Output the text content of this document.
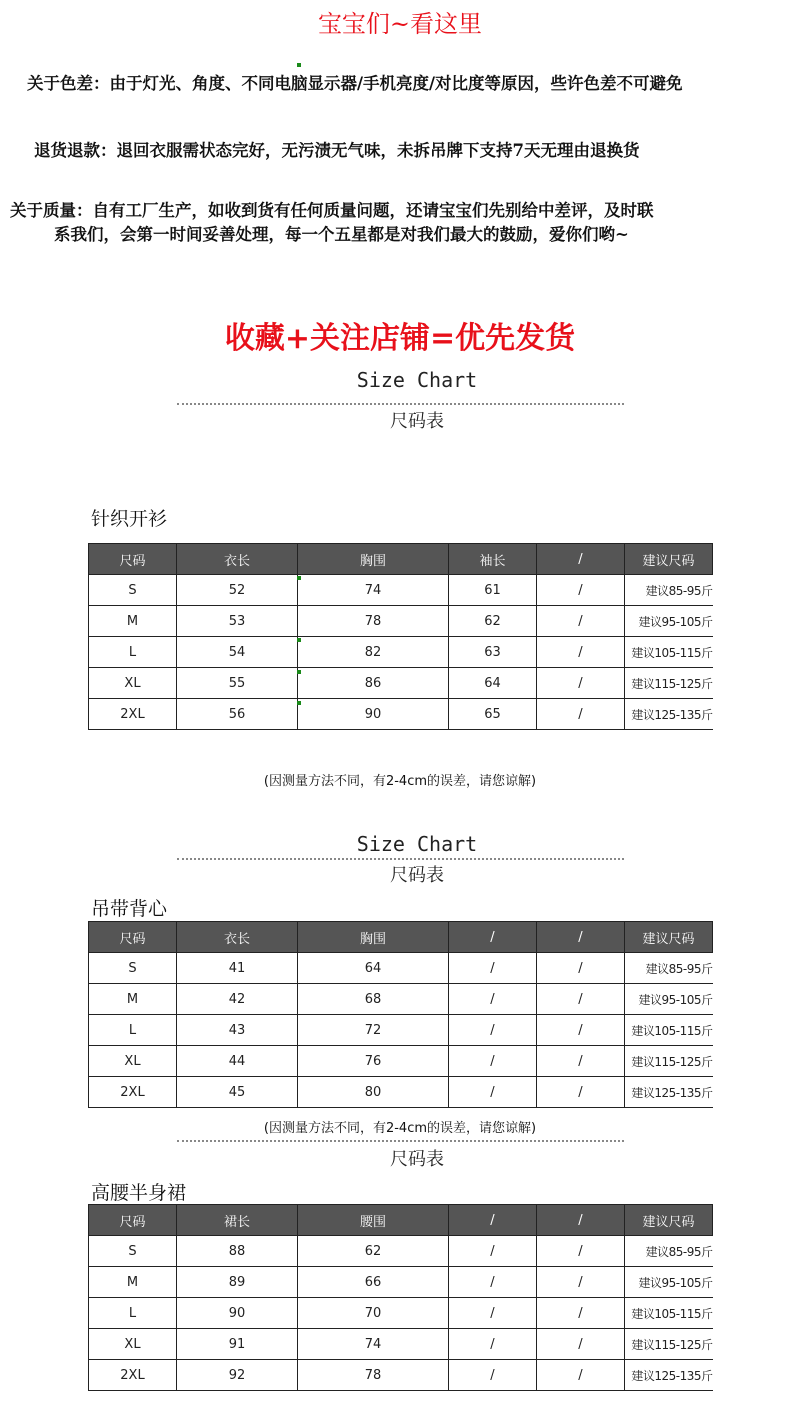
宝宝们~看这里
关于色差：由于灯光、角度、不同电脑显示器/手机亮度/对比度等原因，些许色差不可避免
退货退款：退回衣服需状态完好，无污渍无气味，未拆吊牌下支持7天无理由退换货
关于质量：自有工厂生产，如收到货有任何质量问题，还请宝宝们先别给中差评，及时联
系我们，会第一时间妥善处理，每一个五星都是对我们最大的鼓励，爱你们哟~
收藏+关注店铺=优先发货
Size Chart
尺码表
针织开衫
尺码	衣长	胸围	袖长	/	建议尺码
S	52	74	61	/	建议85-95斤
M	53	78	62	/	建议95-105斤
L	54	82	63	/	建议105-115斤
XL	55	86	64	/	建议115-125斤
2XL	56	90	65	/	建议125-135斤
(因测量方法不同，有2-4cm的误差，请您谅解)
Size Chart
尺码表
吊带背心
尺码	衣长	胸围	/	/	建议尺码
S	41	64	/	/	建议85-95斤
M	42	68	/	/	建议95-105斤
L	43	72	/	/	建议105-115斤
XL	44	76	/	/	建议115-125斤
2XL	45	80	/	/	建议125-135斤
(因测量方法不同，有2-4cm的误差，请您谅解)
尺码表
高腰半身裙
尺码	裙长	腰围	/	/	建议尺码
S	88	62	/	/	建议85-95斤
M	89	66	/	/	建议95-105斤
L	90	70	/	/	建议105-115斤
XL	91	74	/	/	建议115-125斤
2XL	92	78	/	/	建议125-135斤
